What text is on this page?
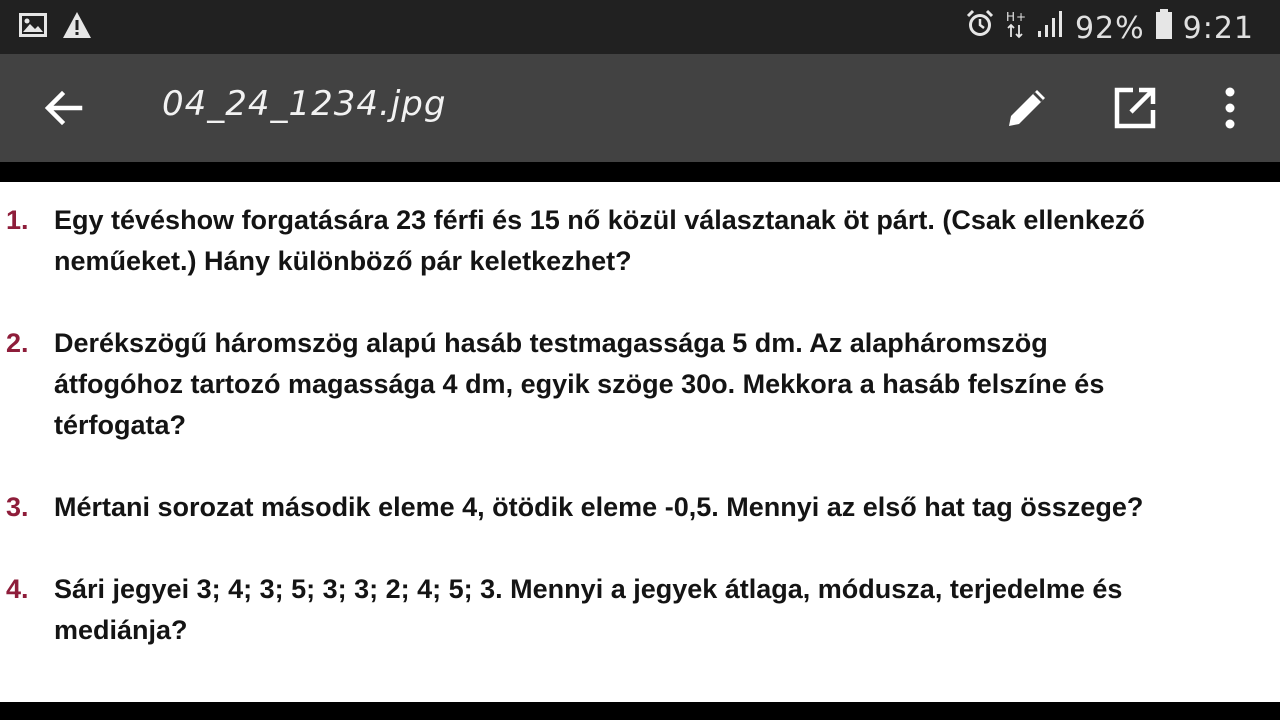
H+ 92% 9:21
04_24_1234.jpg
1. Egy tévéshow forgatására 23 férfi és 15 nő közül választanak öt párt. (Csak ellenkező
neműeket.) Hány különböző pár keletkezhet?
2. Derékszögű háromszög alapú hasáb testmagassága 5 dm. Az alapháromszög
átfogóhoz tartozó magassága 4 dm, egyik szöge 30o. Mekkora a hasáb felszíne és
térfogata?
3. Mértani sorozat második eleme 4, ötödik eleme -0,5. Mennyi az első hat tag összege?
4. Sári jegyei 3; 4; 3; 5; 3; 3; 2; 4; 5; 3. Mennyi a jegyek átlaga, módusza, terjedelme és
mediánja?
